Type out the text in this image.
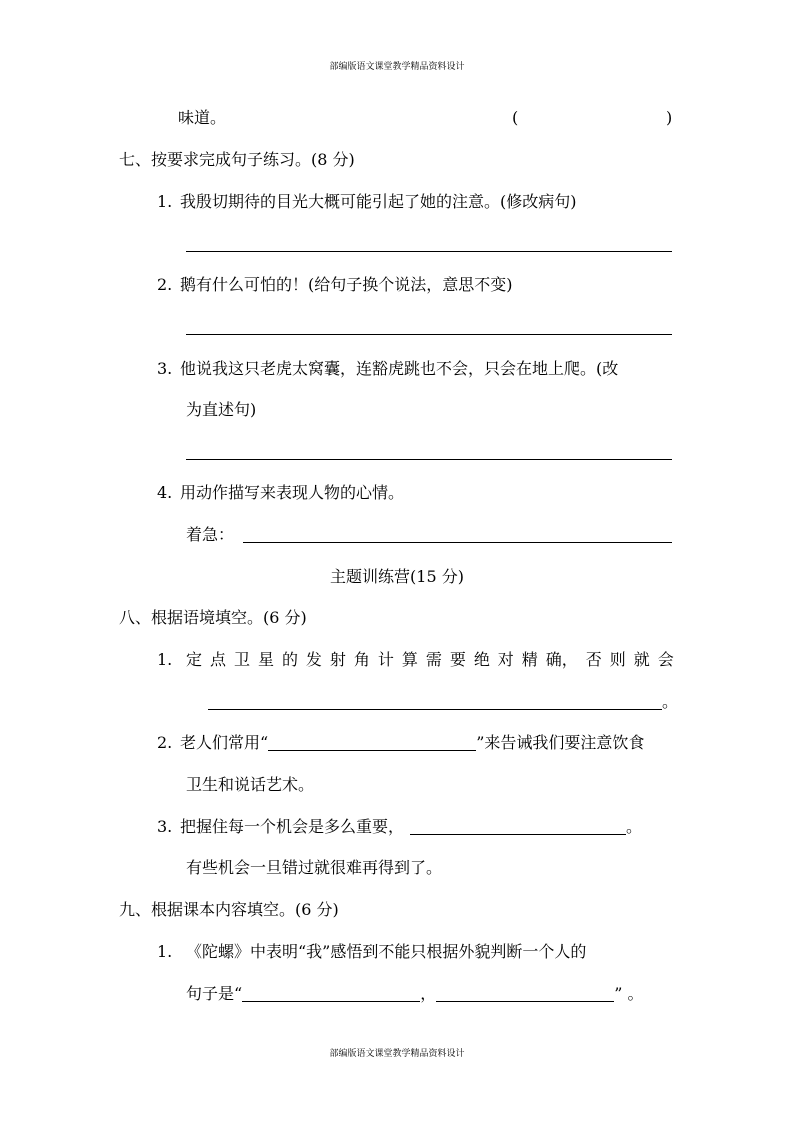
部编版语文课堂教学精品资料设计
味道。	(	)
七、按要求完成句子练习。(8 分)
1. 我殷切期待的目光大概可能引起了她的注意。(修改病句)
2. 鹅有什么可怕的！(给句子换个说法，意思不变)
3. 他说我这只老虎太窝囊，连豁虎跳也不会，只会在地上爬。(改
为直述句)
4. 用动作描写来表现人物的心情。
着急：
主题训练营(15 分)
八、根据语境填空。(6 分)
1. 定 点 卫 星 的 发 射 角 计 算 需 要 绝 对 精 确， 否 则 就 会
。
2. 老人们常用“	”来告诫我们要注意饮食
卫生和说话艺术。
3. 把握住每一个机会是多么重要，	。
有些机会一旦错过就很难再得到了。
九、根据课本内容填空。(6 分)
1. 《陀螺》中表明“我”感悟到不能只根据外貌判断一个人的
句子是“	，	” 。
部编版语文课堂教学精品资料设计
